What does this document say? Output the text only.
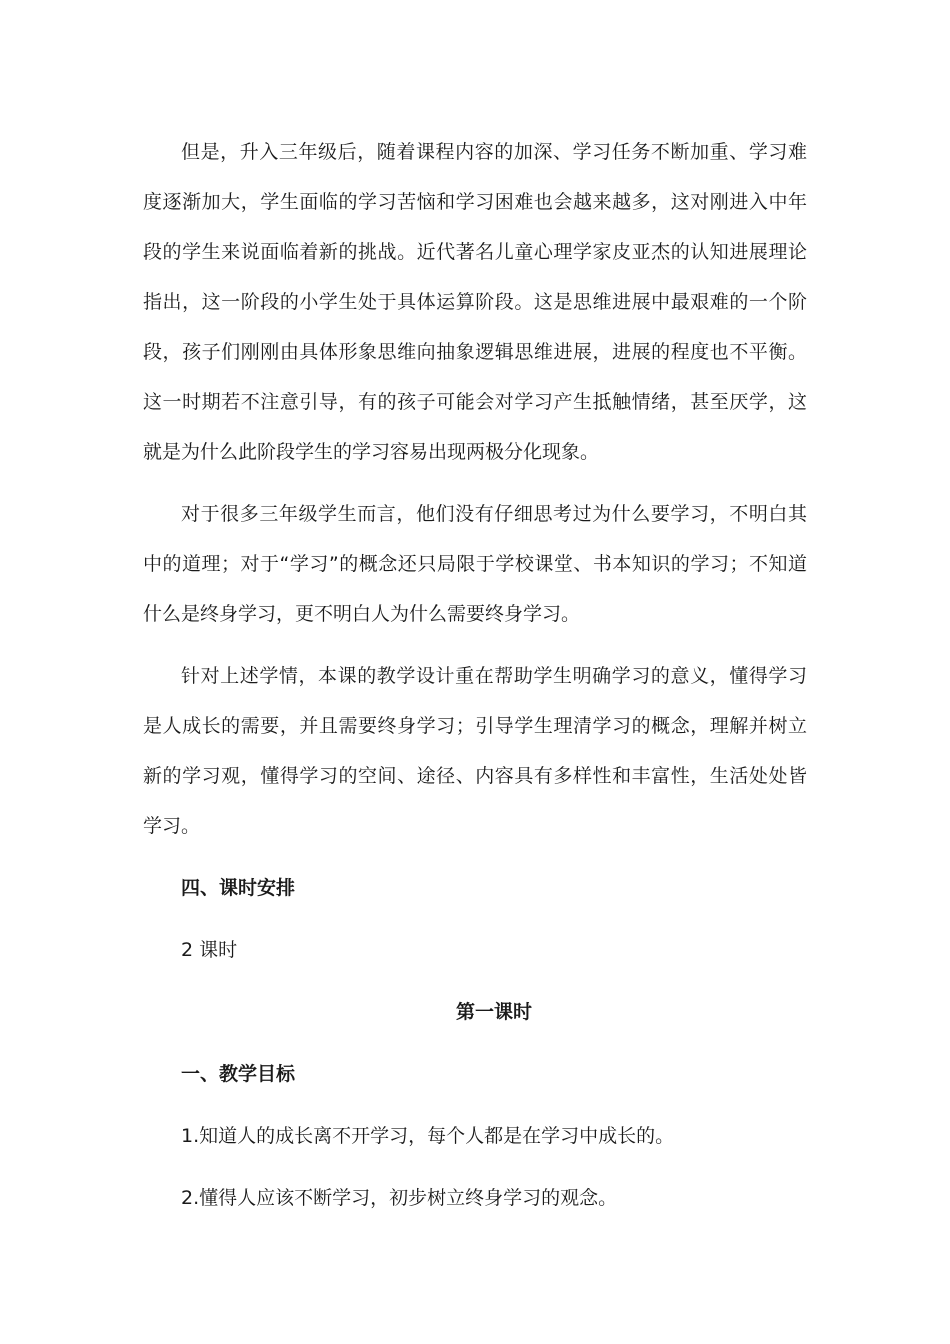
但是，升入三年级后，随着课程内容的加深、学习任务不断加重、学习难度逐渐加大，学生面临的学习苦恼和学习困难也会越来越多，这对刚进入中年段的学生来说面临着新的挑战。近代著名儿童心理学家皮亚杰的认知进展理论指出，这一阶段的小学生处于具体运算阶段。这是思维进展中最艰难的一个阶段，孩子们刚刚由具体形象思维向抽象逻辑思维进展，进展的程度也不平衡。这一时期若不注意引导，有的孩子可能会对学习产生抵触情绪，甚至厌学，这就是为什么此阶段学生的学习容易出现两极分化现象。

对于很多三年级学生而言，他们没有仔细思考过为什么要学习，不明白其中的道理；对于“学习”的概念还只局限于学校课堂、书本知识的学习；不知道什么是终身学习，更不明白人为什么需要终身学习。

针对上述学情，本课的教学设计重在帮助学生明确学习的意义，懂得学习是人成长的需要，并且需要终身学习；引导学生理清学习的概念，理解并树立新的学习观，懂得学习的空间、途径、内容具有多样性和丰富性，生活处处皆学习。

四、课时安排

2 课时

第一课时

一、教学目标

1.知道人的成长离不开学习，每个人都是在学习中成长的。

2.懂得人应该不断学习，初步树立终身学习的观念。
